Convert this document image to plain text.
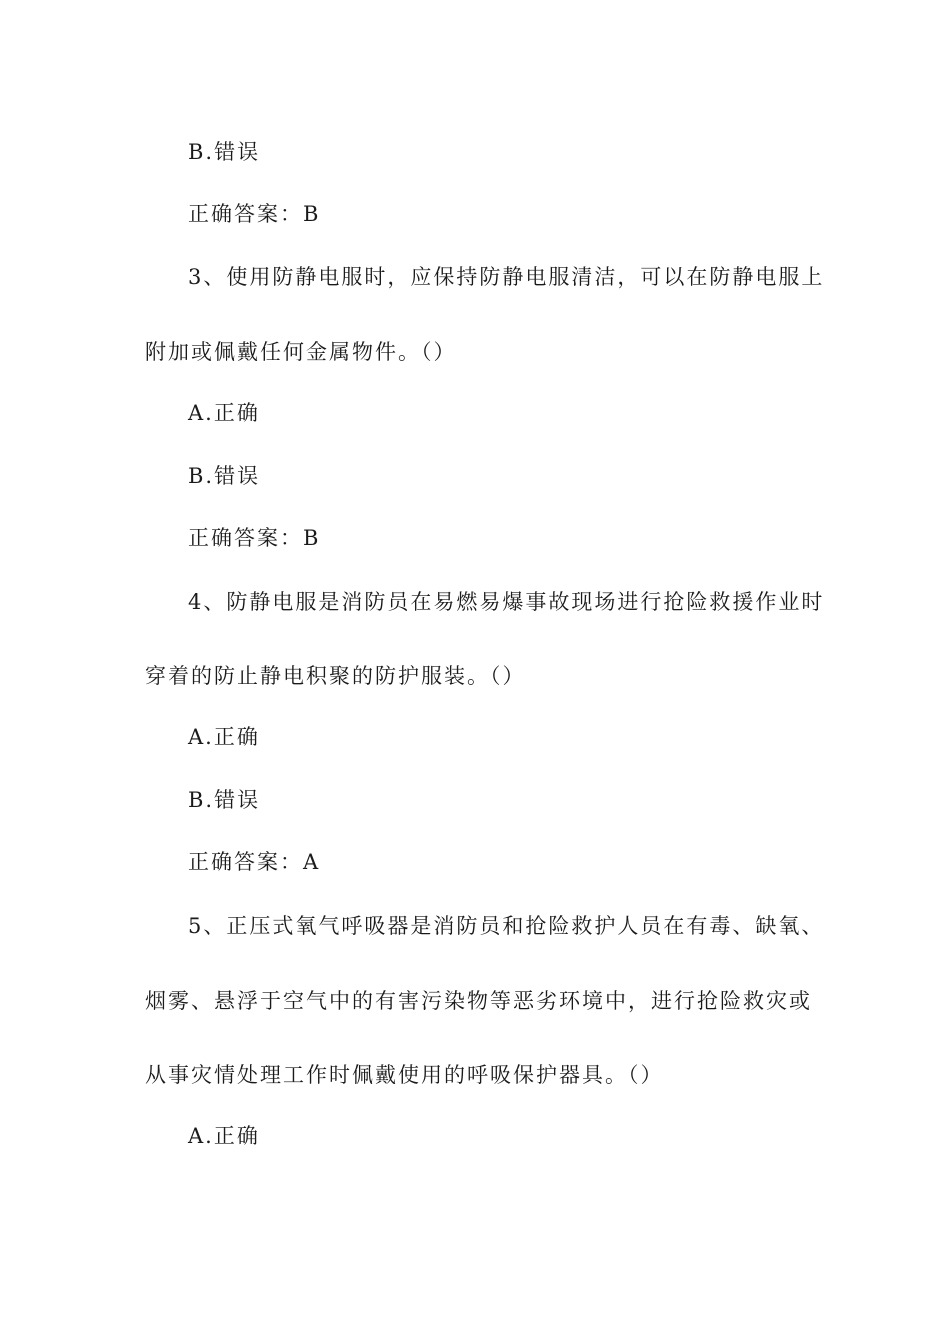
B.错误
正确答案：B
3、使用防静电服时，应保持防静电服清洁，可以在防静电服上
附加或佩戴任何金属物件。（）
A.正确
B.错误
正确答案：B
4、防静电服是消防员在易燃易爆事故现场进行抢险救援作业时
穿着的防止静电积聚的防护服装。（）
A.正确
B.错误
正确答案：A
5、正压式氧气呼吸器是消防员和抢险救护人员在有毒、缺氧、
烟雾、悬浮于空气中的有害污染物等恶劣环境中，进行抢险救灾或
从事灾情处理工作时佩戴使用的呼吸保护器具。（）
A.正确
